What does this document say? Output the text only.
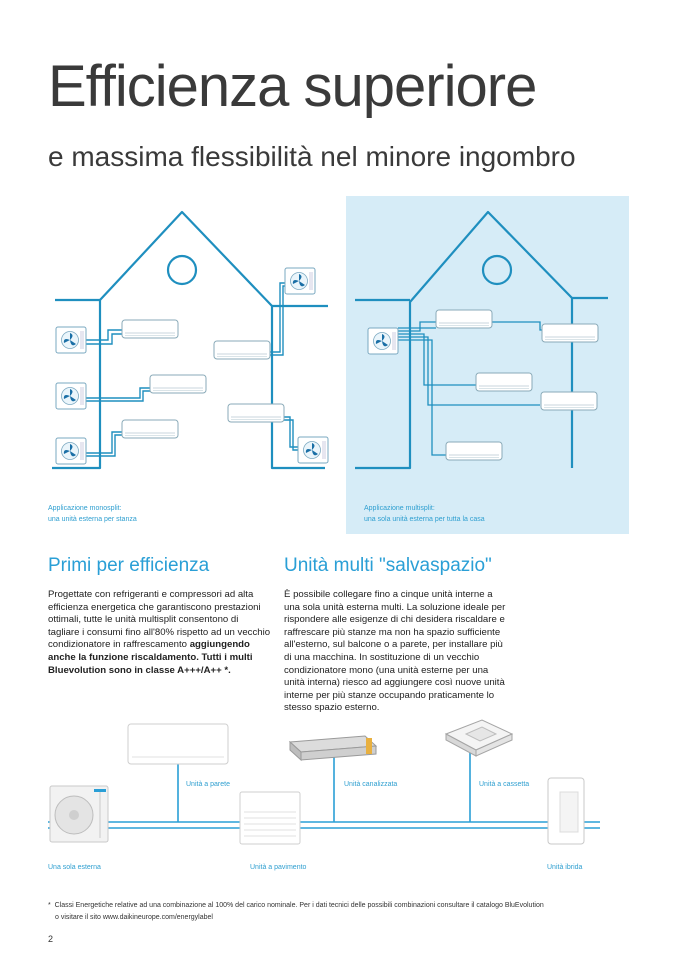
Efficienza superiore
e massima flessibilità nel minore ingombro
Applicazione monosplit:
una unità esterna per stanza
Applicazione multisplit:
una sola unità esterna per tutta la casa
Primi per efficienza	Unità multi "salvaspazio"

Progettate con refrigeranti e compressori ad alta efficienza energetica che garantiscono prestazioni ottimali, tutte le unità multisplit consentono di tagliare i consumi fino all'80% rispetto ad un vecchio condizionatore in raffrescamento aggiungendo anche la funzione riscaldamento. Tutti i multi Bluevolution sono in classe A+++/A++ *.

È possibile collegare fino a cinque unità interne a una sola unità esterna multi. La soluzione ideale per rispondere alle esigenze di chi desidera riscaldare e raffrescare più stanze ma non ha spazio sufficiente all'esterno, sul balcone o a parete, per installare più di una macchina. In sostituzione di un vecchio condizionatore mono (una unità esterne per una unità interna) riesco ad aggiungere così nuove unità interne per più stanze occupando praticamente lo stesso spazio esterno.

Unità a parete	Unità canalizzata	Unità a cassetta
Una sola esterna	Unità a pavimento	Unità ibrida
*  Classi Energetiche relative ad una combinazione al 100% del carico nominale. Per i dati tecnici delle possibili combinazioni consultare il catalogo BluEvolution
o visitare il sito www.daikineurope.com/energylabel
2
